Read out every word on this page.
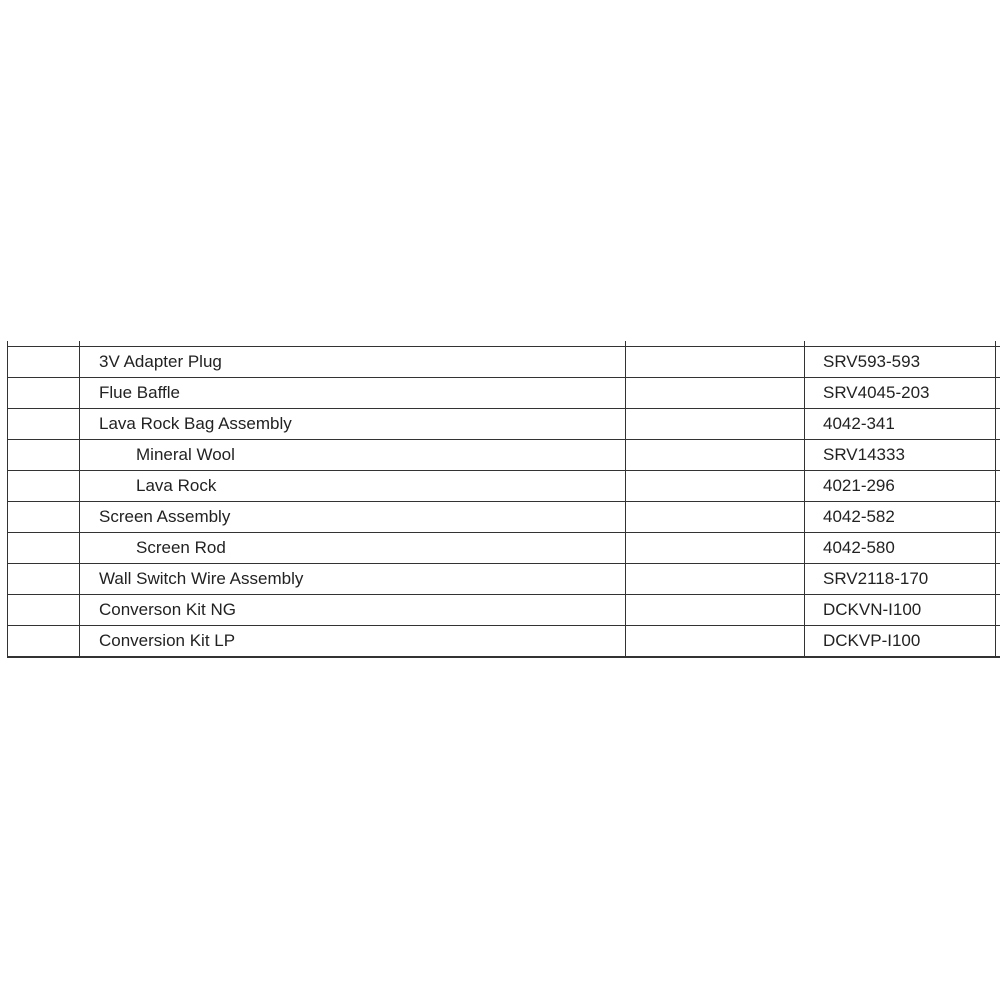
	3V Adapter Plug		SRV593-593	
	Flue Baffle		SRV4045-203	
	Lava Rock Bag Assembly		4042-341	
	Mineral Wool		SRV14333	
	Lava Rock		4021-296	
	Screen Assembly		4042-582	
	Screen Rod		4042-580	
	Wall Switch Wire Assembly		SRV2118-170	
	Converson Kit NG		DCKVN-I100	
	Conversion Kit LP		DCKVP-I100	
